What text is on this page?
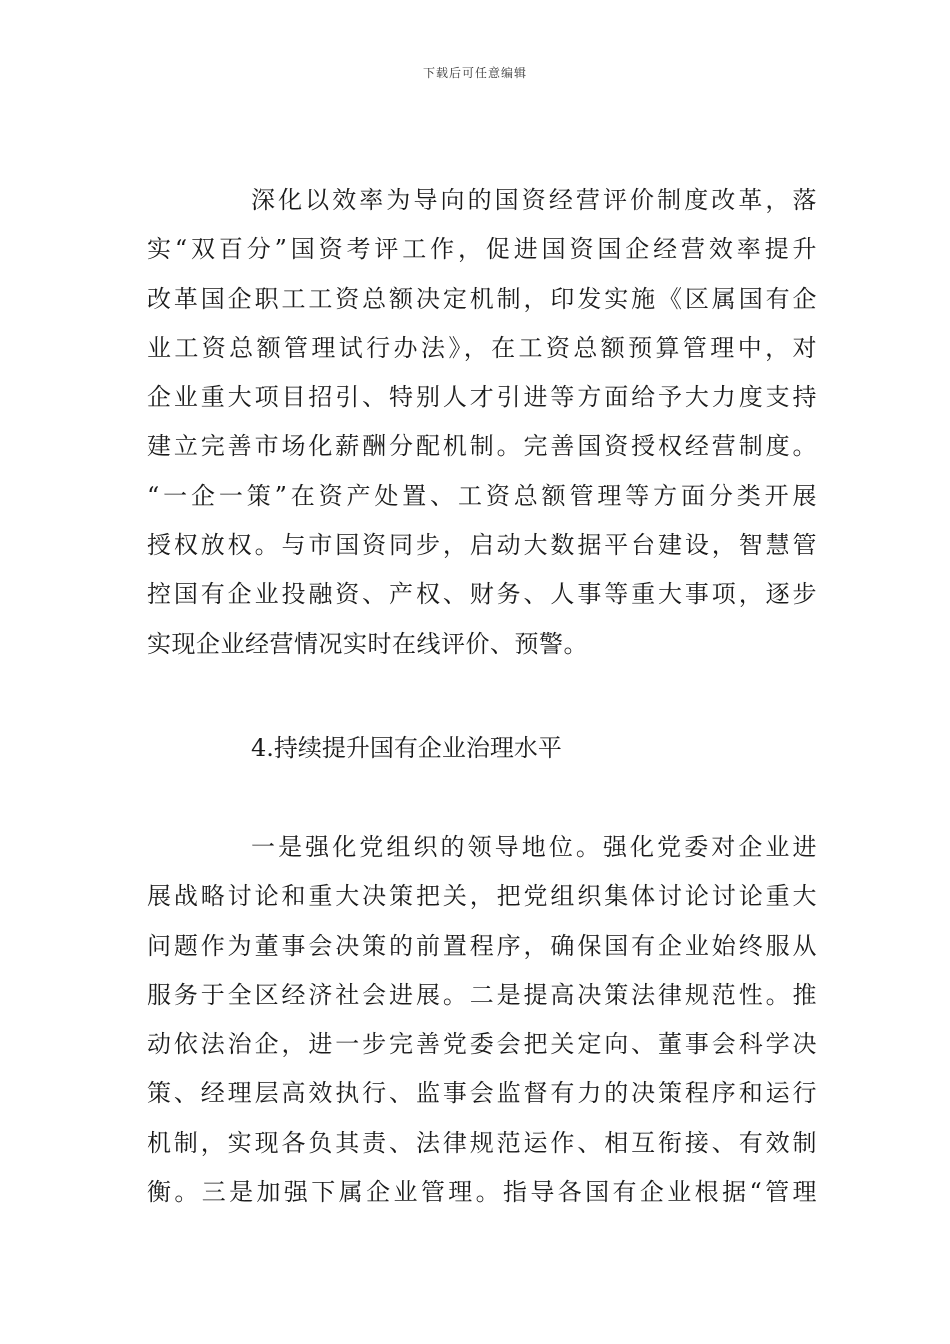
下载后可任意编辑
深化以效率为导向的国资经营评价制度改革，落
实“双百分”国资考评工作，促进国资国企经营效率提升
改革国企职工工资总额决定机制，印发实施《区属国有企
业工资总额管理试行办法》，在工资总额预算管理中，对
企业重大项目招引、特别人才引进等方面给予大力度支持
建立完善市场化薪酬分配机制。完善国资授权经营制度。
“一企一策”在资产处置、工资总额管理等方面分类开展
授权放权。与市国资同步，启动大数据平台建设，智慧管
控国有企业投融资、产权、财务、人事等重大事项，逐步
实现企业经营情况实时在线评价、预警。
4.持续提升国有企业治理水平
一是强化党组织的领导地位。强化党委对企业进
展战略讨论和重大决策把关，把党组织集体讨论讨论重大
问题作为董事会决策的前置程序，确保国有企业始终服从
服务于全区经济社会进展。二是提高决策法律规范性。推
动依法治企，进一步完善党委会把关定向、董事会科学决
策、经理层高效执行、监事会监督有力的决策程序和运行
机制，实现各负其责、法律规范运作、相互衔接、有效制
衡。三是加强下属企业管理。指导各国有企业根据“管理
